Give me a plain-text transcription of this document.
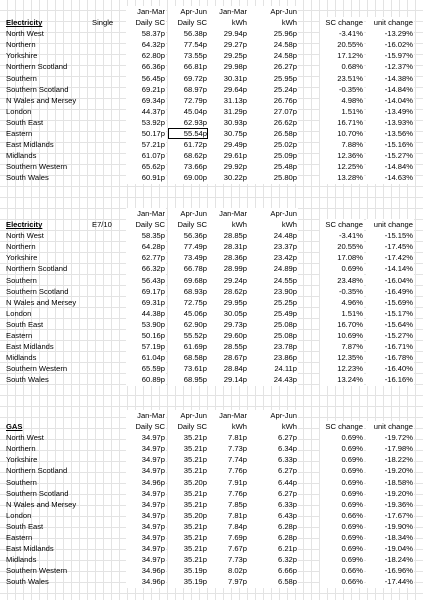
Jan-Mar	Apr-Jun	Jan-Mar	Apr-Jun
Electricity	Single	Daily SC	Daily SC	kWh	kWh	SC change	unit change
North West	58.37p	56.38p	29.94p	25.96p	-3.41%	-13.29%
Northern	64.32p	77.54p	29.27p	24.58p	20.55%	-16.02%
Yorkshire	62.80p	73.55p	29.25p	24.58p	17.12%	-15.97%
Northern Scotland	66.36p	66.81p	29.98p	26.27p	0.68%	-12.37%
Southern	56.45p	69.72p	30.31p	25.95p	23.51%	-14.38%
Southern Scotland	69.21p	68.97p	29.64p	25.24p	-0.35%	-14.84%
N Wales and Mersey	69.34p	72.79p	31.13p	26.76p	4.98%	-14.04%
London	44.37p	45.04p	31.29p	27.07p	1.51%	-13.49%
South East	53.92p	62.93p	30.93p	26.62p	16.71%	-13.93%
Eastern	50.17p	55.54p	30.75p	26.58p	10.70%	-13.56%
East Midlands	57.21p	61.72p	29.49p	25.02p	7.88%	-15.16%
Midlands	61.07p	68.62p	29.61p	25.09p	12.36%	-15.27%
Southern Western	65.62p	73.66p	29.92p	25.48p	12.25%	-14.84%
South Wales	60.91p	69.00p	30.22p	25.80p	13.28%	-14.63%
Jan-Mar	Apr-Jun	Jan-Mar	Apr-Jun
Electricity	E7/10	Daily SC	Daily SC	kWh	kWh	SC change	unit change
North West	58.35p	56.36p	28.85p	24.48p	-3.41%	-15.15%
Northern	64.28p	77.49p	28.31p	23.37p	20.55%	-17.45%
Yorkshire	62.77p	73.49p	28.36p	23.42p	17.08%	-17.42%
Northern Scotland	66.32p	66.78p	28.99p	24.89p	0.69%	-14.14%
Southern	56.43p	69.68p	29.24p	24.55p	23.48%	-16.04%
Southern Scotland	69.17p	68.93p	28.62p	23.90p	-0.35%	-16.49%
N Wales and Mersey	69.31p	72.75p	29.95p	25.25p	4.96%	-15.69%
London	44.38p	45.06p	30.05p	25.49p	1.51%	-15.17%
South East	53.90p	62.90p	29.73p	25.08p	16.70%	-15.64%
Eastern	50.16p	55.52p	29.60p	25.08p	10.69%	-15.27%
East Midlands	57.19p	61.69p	28.55p	23.78p	7.87%	-16.71%
Midlands	61.04p	68.58p	28.67p	23.86p	12.35%	-16.78%
Southern Western	65.59p	73.61p	28.84p	24.11p	12.23%	-16.40%
South Wales	60.89p	68.95p	29.14p	24.43p	13.24%	-16.16%
Jan-Mar	Apr-Jun	Jan-Mar	Apr-Jun
GAS	Daily SC	Daily SC	kWh	kWh	SC change	unit change
North West	34.97p	35.21p	7.81p	6.27p	0.69%	-19.72%
Northern	34.97p	35.21p	7.73p	6.34p	0.69%	-17.98%
Yorkshire	34.97p	35.21p	7.74p	6.33p	0.69%	-18.22%
Northern Scotland	34.97p	35.21p	7.76p	6.27p	0.69%	-19.20%
Southern	34.96p	35.20p	7.91p	6.44p	0.69%	-18.58%
Southern Scotland	34.97p	35.21p	7.76p	6.27p	0.69%	-19.20%
N Wales and Mersey	34.97p	35.21p	7.85p	6.33p	0.69%	-19.36%
London	34.97p	35.20p	7.81p	6.43p	0.66%	-17.67%
South East	34.97p	35.21p	7.84p	6.28p	0.69%	-19.90%
Eastern	34.97p	35.21p	7.69p	6.28p	0.69%	-18.34%
East Midlands	34.97p	35.21p	7.67p	6.21p	0.69%	-19.04%
Midlands	34.97p	35.21p	7.73p	6.32p	0.69%	-18.24%
Southern Western	34.96p	35.19p	8.02p	6.66p	0.66%	-16.96%
South Wales	34.96p	35.19p	7.97p	6.58p	0.66%	-17.44%
